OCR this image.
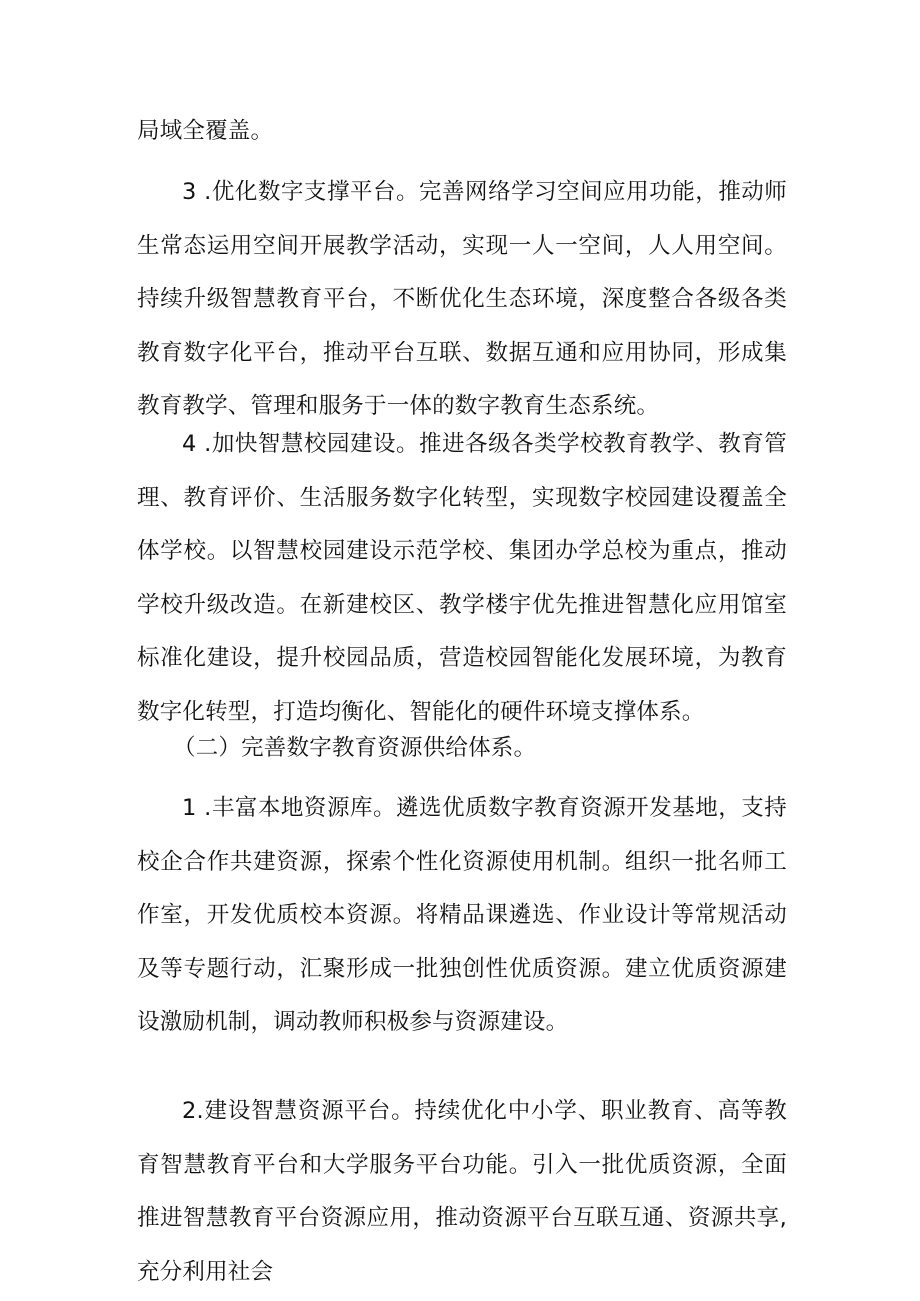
局域全覆盖。

3 .优化数字支撑平台。完善网络学习空间应用功能，推动师生常态运用空间开展教学活动，实现一人一空间，人人用空间。持续升级智慧教育平台，不断优化生态环境，深度整合各级各类教育数字化平台，推动平台互联、数据互通和应用协同，形成集教育教学、管理和服务于一体的数字教育生态系统。

4 .加快智慧校园建设。推进各级各类学校教育教学、教育管理、教育评价、生活服务数字化转型，实现数字校园建设覆盖全体学校。以智慧校园建设示范学校、集团办学总校为重点，推动学校升级改造。在新建校区、教学楼宇优先推进智慧化应用馆室标准化建设，提升校园品质，营造校园智能化发展环境，为教育数字化转型，打造均衡化、智能化的硬件环境支撑体系。

（二）完善数字教育资源供给体系。

1 .丰富本地资源库。遴选优质数字教育资源开发基地，支持校企合作共建资源，探索个性化资源使用机制。组织一批名师工作室，开发优质校本资源。将精品课遴选、作业设计等常规活动及等专题行动，汇聚形成一批独创性优质资源。建立优质资源建设激励机制，调动教师积极参与资源建设。

2.建设智慧资源平台。持续优化中小学、职业教育、高等教育智慧教育平台和大学服务平台功能。引入一批优质资源，全面推进智慧教育平台资源应用，推动资源平台互联互通、资源共享,充分利用社会
